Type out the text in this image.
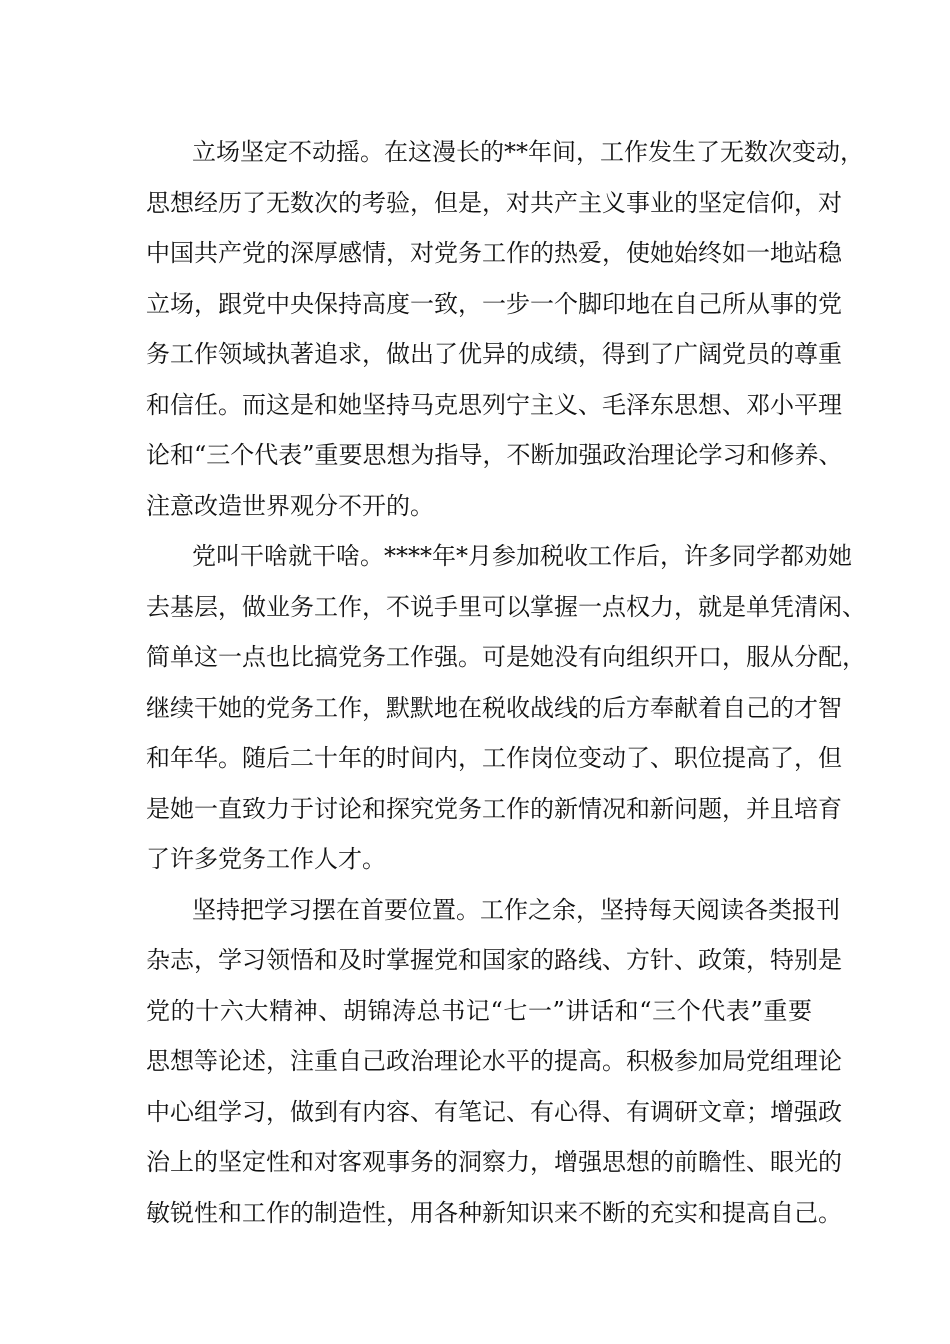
立场坚定不动摇。在这漫长的**年间，工作发生了无数次变动，
思想经历了无数次的考验，但是，对共产主义事业的坚定信仰，对
中国共产党的深厚感情，对党务工作的热爱，使她始终如一地站稳
立场，跟党中央保持高度一致，一步一个脚印地在自己所从事的党
务工作领域执著追求，做出了优异的成绩，得到了广阔党员的尊重
和信任。而这是和她坚持马克思列宁主义、毛泽东思想、邓小平理
论和“三个代表”重要思想为指导，不断加强政治理论学习和修养、
注意改造世界观分不开的。
党叫干啥就干啥。****年*月参加税收工作后，许多同学都劝她
去基层，做业务工作，不说手里可以掌握一点权力，就是单凭清闲、
简单这一点也比搞党务工作强。可是她没有向组织开口，服从分配，
继续干她的党务工作，默默地在税收战线的后方奉献着自己的才智
和年华。随后二十年的时间内，工作岗位变动了、职位提高了，但
是她一直致力于讨论和探究党务工作的新情况和新问题，并且培育
了许多党务工作人才。
坚持把学习摆在首要位置。工作之余，坚持每天阅读各类报刊
杂志，学习领悟和及时掌握党和国家的路线、方针、政策，特别是
党的十六大精神、胡锦涛总书记“七一”讲话和“三个代表”重要
思想等论述，注重自己政治理论水平的提高。积极参加局党组理论
中心组学习，做到有内容、有笔记、有心得、有调研文章；增强政
治上的坚定性和对客观事务的洞察力，增强思想的前瞻性、眼光的
敏锐性和工作的制造性，用各种新知识来不断的充实和提高自己。
